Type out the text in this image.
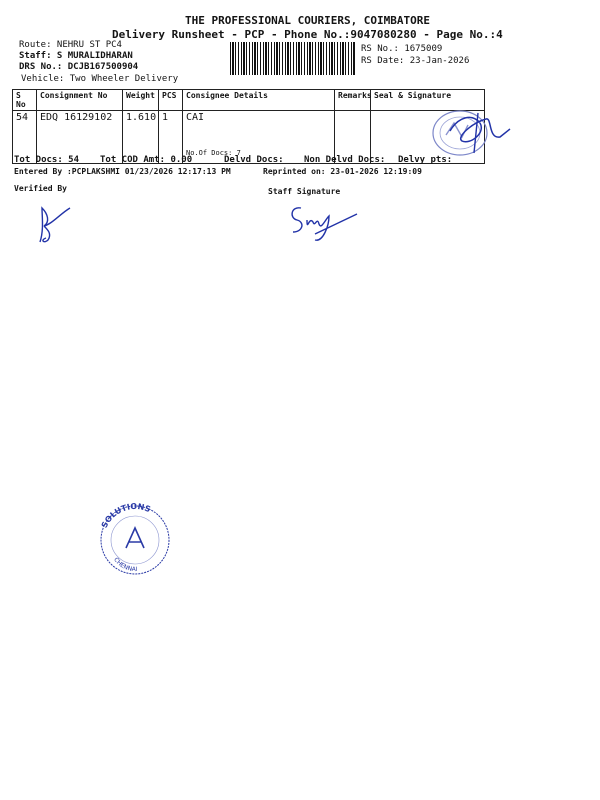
THE PROFESSIONAL COURIERS, COIMBATORE
Delivery Runsheet - PCP - Phone No.:9047080280 - Page No.:4
Route: NEHRU ST PC4
Staff: S MURALIDHARAN
DRS No.: DCJB167500904
Vehicle: Two Wheeler Delivery
RS No.: 1675009
RS Date: 23-Jan-2026
S No	Consignment No	Weight	PCS	Consignee Details	Remarks	Seal & Signature
54	EDQ 16129102	1.610	1	CAI
No.Of Docs: 7		

Tot Docs: 54 Tot COD Amt: 0.00	Delvd Docs: Non Delvd Docs: Delvy pts:
Entered By :PCPLAKSHMI 01/23/2026 12:17:13 PM	Reprinted on: 23-01-2026 12:19:09
Verified By	Staff Signature
SOLUTIONS
CHENNAI
